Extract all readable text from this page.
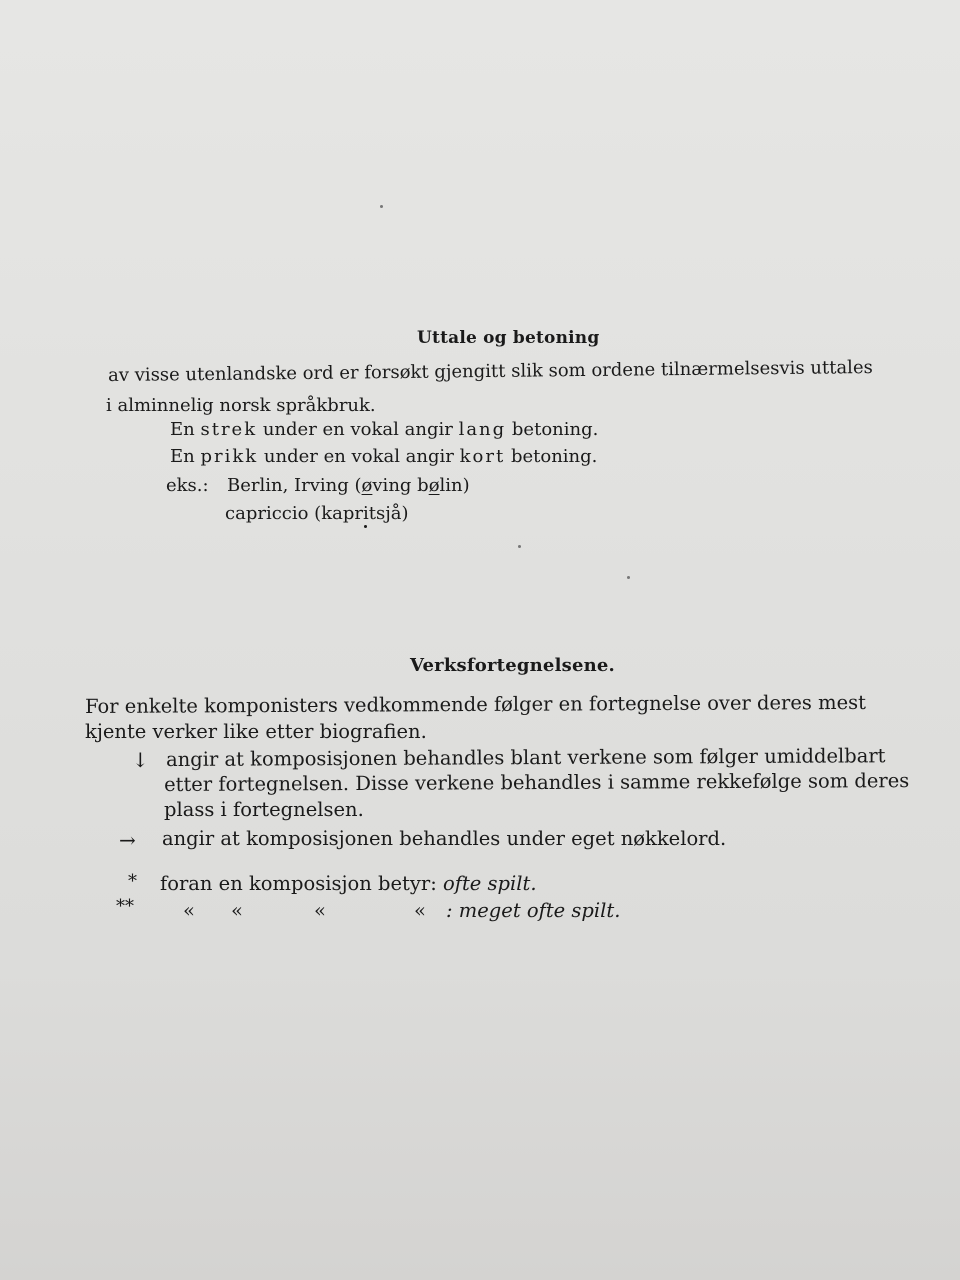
Uttale og betoning
av visse utenlandske ord er forsøkt gjengitt slik som ordene tilnærmelsesvis uttales
i alminnelig norsk språkbruk.
En strek under en vokal angir lang betoning.
En prikk under en vokal angir kort betoning.
eks.: Berlin, Irving (øving bølin)
capriccio (kapritsjå)
Verksfortegnelsene.
For enkelte komponisters vedkommende følger en fortegnelse over deres mest
kjente verker like etter biografien.
↓ angir at komposisjonen behandles blant verkene som følger umiddelbart
etter fortegnelsen. Disse verkene behandles i samme rekkefølge som deres
plass i fortegnelsen.
→ angir at komposisjonen behandles under eget nøkkelord.
* foran en komposisjon betyr: ofte spilt.
**	« «	«	« : meget ofte spilt.
